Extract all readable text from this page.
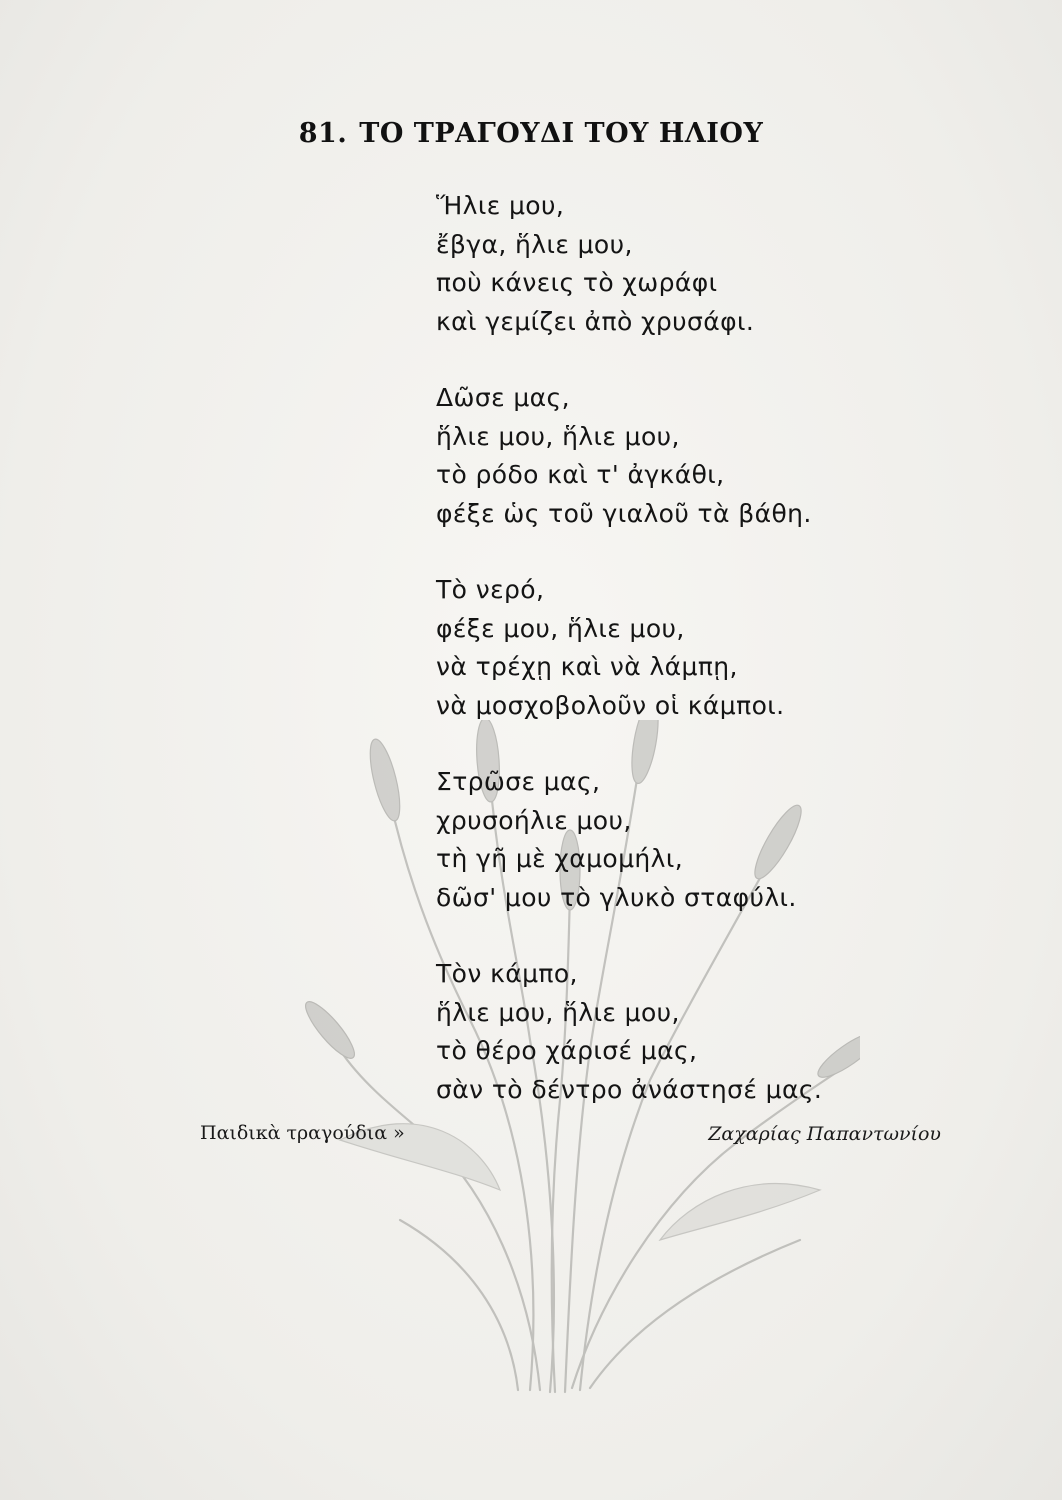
81. ΤΟ ΤΡΑΓΟΥΔΙ ΤΟΥ ΗΛΙΟΥ
Ἥλιε μου,
ἔβγα, ἥλιε μου,
ποὺ κάνεις τὸ χωράφι
καὶ γεμίζει ἀπὸ χρυσάφι.
Δῶσε μας,
ἥλιε μου, ἥλιε μου,
τὸ ρόδο καὶ τ' ἀγκάθι,
φέξε ὡς τοῦ γιαλοῦ τὰ βάθη.
Τὸ νερό,
φέξε μου, ἥλιε μου,
νὰ τρέχῃ καὶ νὰ λάμπῃ,
νὰ μοσχοβολοῦν οἱ κάμποι.
Στρῶσε μας,
χρυσοήλιε μου,
τὴ γῆ μὲ χαμομήλι,
δῶσ' μου τὸ γλυκὸ σταφύλι.
Τὸν κάμπο,
ἥλιε μου, ἥλιε μου,
τὸ θέρο χάρισέ μας,
σὰν τὸ δέντρο ἀνάστησέ μας.
Παιδικὰ τραγούδια »	Ζαχαρίας Παπαντωνίου
